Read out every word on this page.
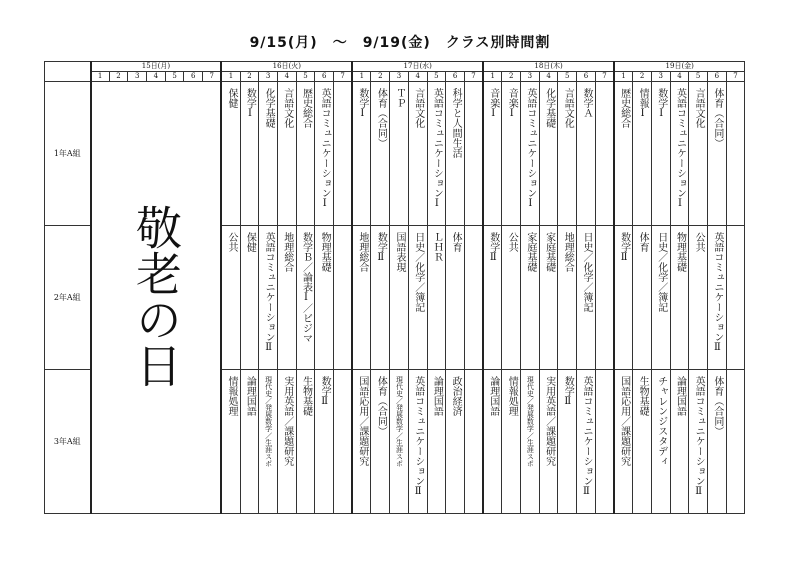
9/15(月)　～　9/19(金)　クラス別時間割
	15日(月)							16日(火)							17日(水)							18日(木)							19日(金)						
	1	2	3	4	5	6	7	1	2	3	4	5	6	7	1	2	3	4	5	6	7	1	2	3	4	5	6	7	1	2	3	4	5	6	7
1年A組	敬老の日							保健	数学Ⅰ	化学基礎	言語文化	歴史総合	英語コミュニケーションⅠ		数学Ⅰ	体育（合同）	ＴＰ	言語文化	英語コミュニケーションⅠ	科学と人間生活		音楽Ⅰ	音楽Ⅰ	英語コミュニケーションⅠ	化学基礎	言語文化	数学Ａ		歴史総合	情報Ⅰ	数学Ⅰ	英語コミュニケーションⅠ	言語文化	体育（合同）	
2年A組								公共	保健	英語コミュニケーションⅡ	地理総合	数学Ｂ／論表Ⅰ／ビジマ	物理基礎		地理総合	数学Ⅱ	国語表現	日史／化学／簿記	ＬＨＲ	体育		数学Ⅱ	公共	家庭基礎	家庭基礎	地理総合	日史／化学／簿記		数学Ⅱ	体育	日史／化学／簿記	物理基礎	公共	英語コミュニケーションⅡ	
3年A組								情報処理	論理国語	現代史／発展数学／生涯スポ	実用英語／課題研究	生物基礎	数学Ⅱ		国語応用／課題研究	体育（合同）	現代史／発展数学／生涯スポ	英語コミュニケーションⅡ	論理国語	政治経済		論理国語	情報処理	現代史／発展数学／生涯スポ	実用英語／課題研究	数学Ⅱ	英語コミュニケーションⅡ		国語応用／課題研究	生物基礎	チャレンジスタディ	論理国語	英語コミュニケーションⅡ	体育（合同）	
